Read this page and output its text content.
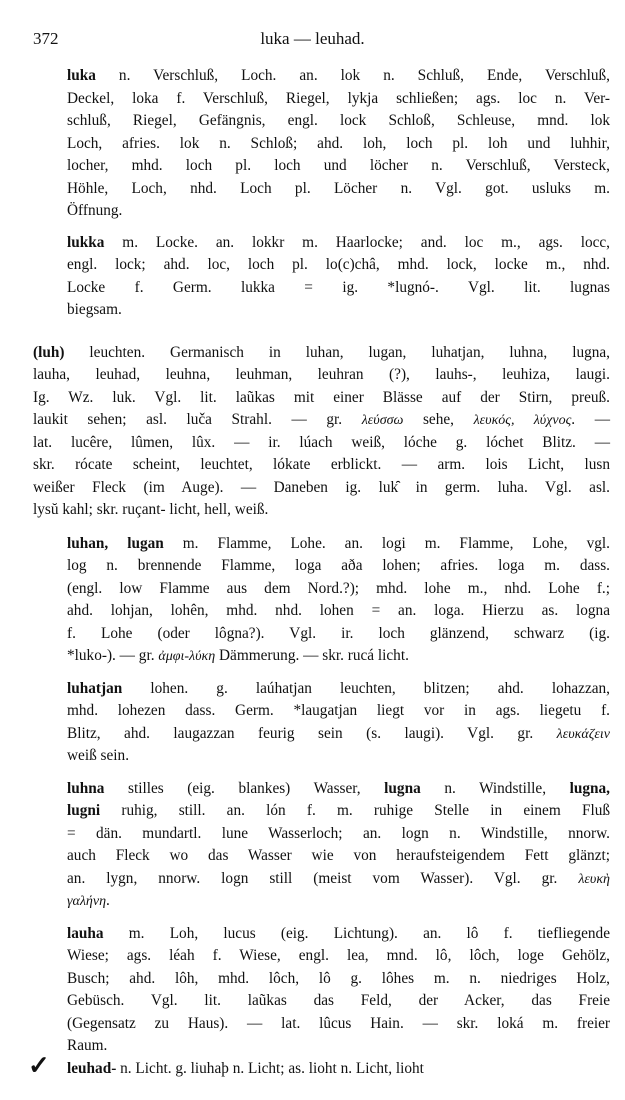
372	luka — leuhad.
✓
luka n. Verschluß, Loch. an. lok n. Schluß, Ende, Verschluß,
Deckel, loka f. Verschluß, Riegel, lykja schließen; ags. loc n. Ver-
schluß, Riegel, Gefängnis, engl. lock Schloß, Schleuse, mnd. lok
Loch, afries. lok n. Schloß; ahd. loh, loch pl. loh und luhhir,
locher, mhd. loch pl. loch und löcher n. Verschluß, Versteck,
Höhle, Loch, nhd. Loch pl. Löcher n. Vgl. got. usluks m.
Öffnung.
lukka m. Locke. an. lokkr m. Haarlocke; and. loc m., ags. locc,
engl. lock; ahd. loc, loch pl. lo(c)châ, mhd. lock, locke m., nhd.
Locke f. Germ. lukka = ig. *lugnó-. Vgl. lit. lugnas
biegsam.
(luh) leuchten. Germanisch in luhan, lugan, luhatjan, luhna, lugna,
lauha, leuhad, leuhna, leuhman, leuhran (?), lauhs-, leuhiza, laugi.
Ig. Wz. luk. Vgl. lit. laũkas mit einer Blässe auf der Stirn, preuß.
laukit sehen; asl. luča Strahl. — gr. λεύσσω sehe, λευκός, λύχνος. —
lat. lucêre, lûmen, lûx. — ir. lúach weiß, lóche g. lóchet Blitz. —
skr. rócate scheint, leuchtet, lókate erblickt. — arm. lois Licht, lusn
weißer Fleck (im Auge). — Daneben ig. luk̑ in germ. luha. Vgl. asl.
lysŭ kahl; skr. ruçant- licht, hell, weiß.
luhan, lugan m. Flamme, Lohe. an. logi m. Flamme, Lohe, vgl.
log n. brennende Flamme, loga aða lohen; afries. loga m. dass.
(engl. low Flamme aus dem Nord.?); mhd. lohe m., nhd. Lohe f.;
ahd. lohjan, lohên, mhd. nhd. lohen = an. loga. Hierzu as. logna
f. Lohe (oder lôgna?). Vgl. ir. loch glänzend, schwarz (ig.
*luko-). — gr. ἀμφι-λύκη Dämmerung. — skr. rucá licht.
luhatjan lohen. g. laúhatjan leuchten, blitzen; ahd. lohazzan,
mhd. lohezen dass. Germ. *laugatjan liegt vor in ags. liegetu f.
Blitz, ahd. laugazzan feurig sein (s. laugi). Vgl. gr. λευκάζειν
weiß sein.
luhna stilles (eig. blankes) Wasser, lugna n. Windstille, lugna,
lugni ruhig, still. an. lón f. m. ruhige Stelle in einem Fluß
= dän. mundartl. lune Wasserloch; an. logn n. Windstille, nnorw.
auch Fleck wo das Wasser wie von heraufsteigendem Fett glänzt;
an. lygn, nnorw. logn still (meist vom Wasser). Vgl. gr. λευκὴ
γαλήνη.
lauha m. Loh, lucus (eig. Lichtung). an. lô f. tiefliegende
Wiese; ags. léah f. Wiese, engl. lea, mnd. lô, lôch, loge Gehölz,
Busch; ahd. lôh, mhd. lôch, lô g. lôhes m. n. niedriges Holz,
Gebüsch. Vgl. lit. laũkas das Feld, der Acker, das Freie
(Gegensatz zu Haus). — lat. lûcus Hain. — skr. loká m. freier
Raum.
leuhad- n. Licht. g. liuhaþ n. Licht; as. lioht n. Licht, lioht
